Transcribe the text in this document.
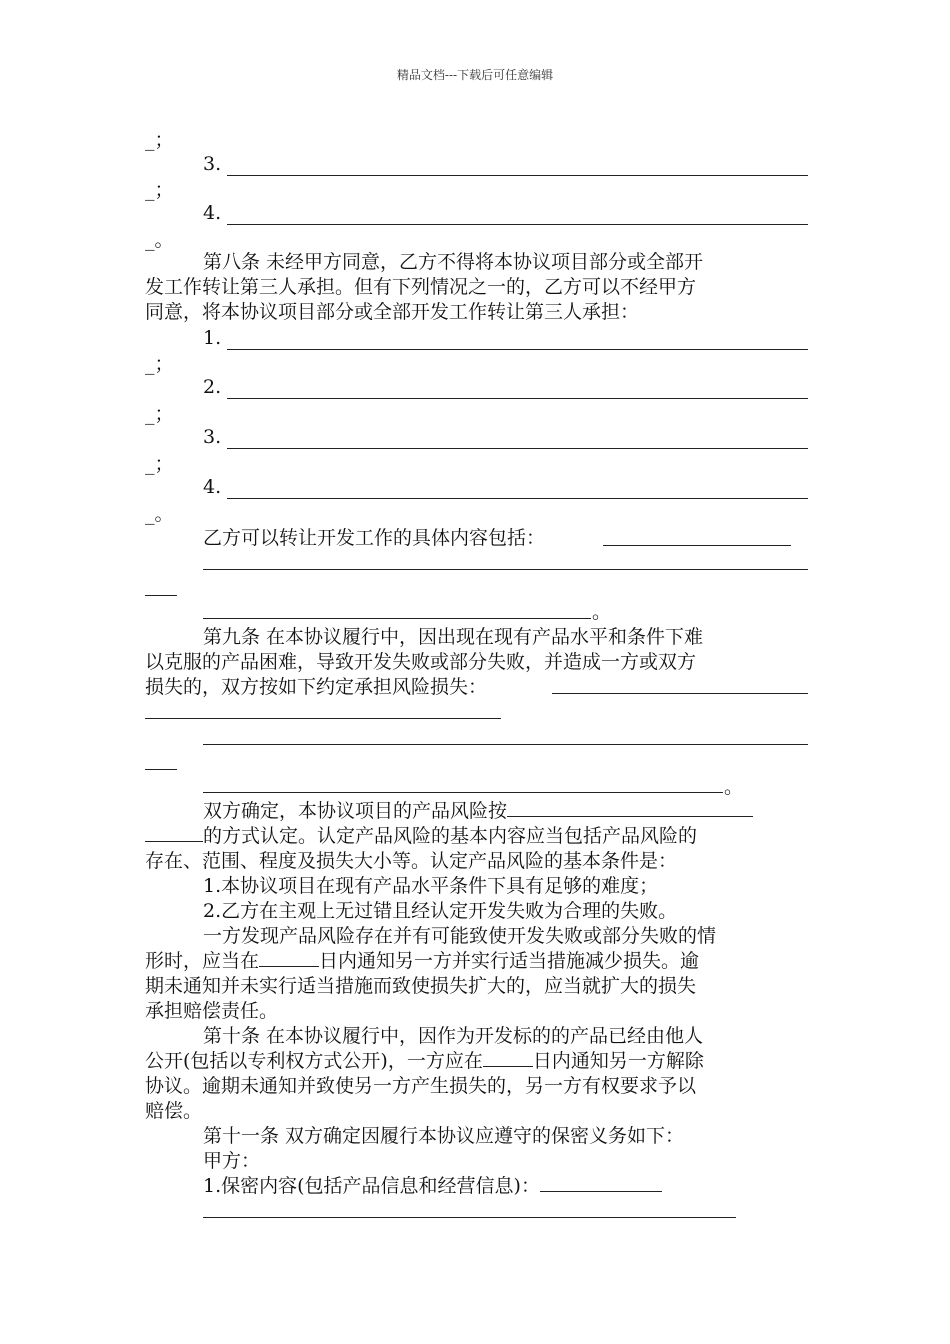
精品文档---下载后可任意编辑
_；
3.
_；
4.
_。
第八条 未经甲方同意，乙方不得将本协议项目部分或全部开
发工作转让第三人承担。但有下列情况之一的，乙方可以不经甲方
同意，将本协议项目部分或全部开发工作转让第三人承担：
1.
_；
2.
_；
3.
_；
4.
_。
乙方可以转让开发工作的具体内容包括：
。
第九条 在本协议履行中，因出现在现有产品水平和条件下难
以克服的产品困难，导致开发失败或部分失败，并造成一方或双方
损失的，双方按如下约定承担风险损失：
。
双方确定，本协议项目的产品风险按
的方式认定。认定产品风险的基本内容应当包括产品风险的
存在、范围、程度及损失大小等。认定产品风险的基本条件是：
1.本协议项目在现有产品水平条件下具有足够的难度；
2.乙方在主观上无过错且经认定开发失败为合理的失败。
一方发现产品风险存在并有可能致使开发失败或部分失败的情
形时，应当在	日内通知另一方并实行适当措施减少损失。逾
期未通知并未实行适当措施而致使损失扩大的，应当就扩大的损失
承担赔偿责任。
第十条 在本协议履行中，因作为开发标的的产品已经由他人
公开(包括以专利权方式公开)，一方应在	日内通知另一方解除
协议。逾期未通知并致使另一方产生损失的，另一方有权要求予以
赔偿。
第十一条 双方确定因履行本协议应遵守的保密义务如下：
甲方：
1.保密内容(包括产品信息和经营信息)：
